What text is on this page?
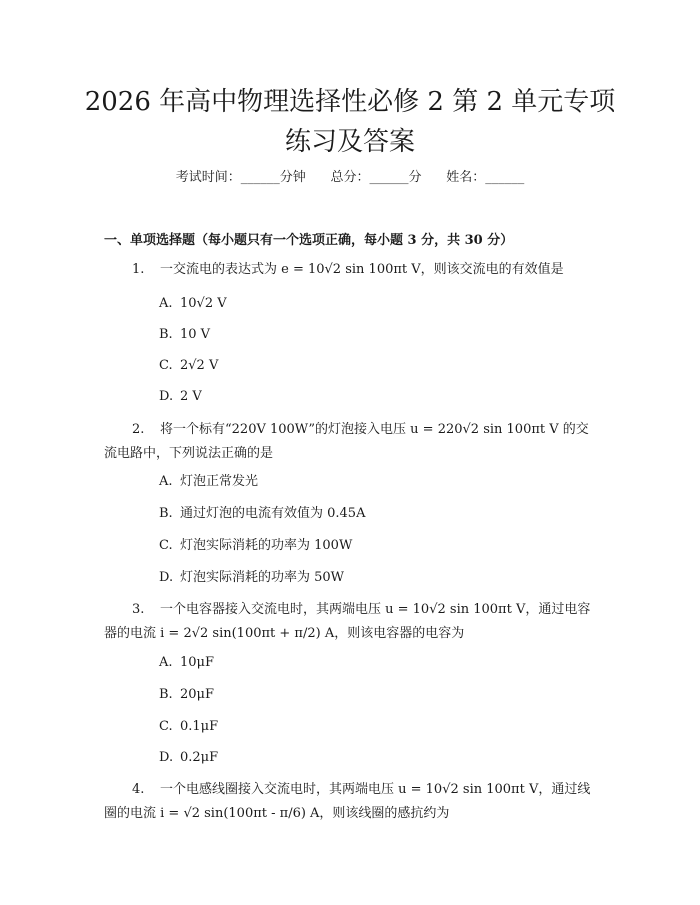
2026 年高中物理选择性必修 2 第 2 单元专项
练习及答案
考试时间：______分钟      总分：______分      姓名：______
一、单项选择题（每小题只有一个选项正确，每小题 3 分，共 30 分）
1. 一交流电的表达式为 e = 10√2 sin 100πt V，则该交流电的有效值是
A. 10√2 V
B. 10 V
C. 2√2 V
D. 2 V
2. 将一个标有“220V 100W”的灯泡接入电压 u = 220√2 sin 100πt V 的交流电路中，下列说法正确的是
A. 灯泡正常发光
B. 通过灯泡的电流有效值为 0.45A
C. 灯泡实际消耗的功率为 100W
D. 灯泡实际消耗的功率为 50W
3. 一个电容器接入交流电时，其两端电压 u = 10√2 sin 100πt V，通过电容器的电流 i = 2√2 sin(100πt + π/2) A，则该电容器的电容为
A. 10μF
B. 20μF
C. 0.1μF
D. 0.2μF
4. 一个电感线圈接入交流电时，其两端电压 u = 10√2 sin 100πt V，通过线圈的电流 i = √2 sin(100πt - π/6) A，则该线圈的感抗约为
